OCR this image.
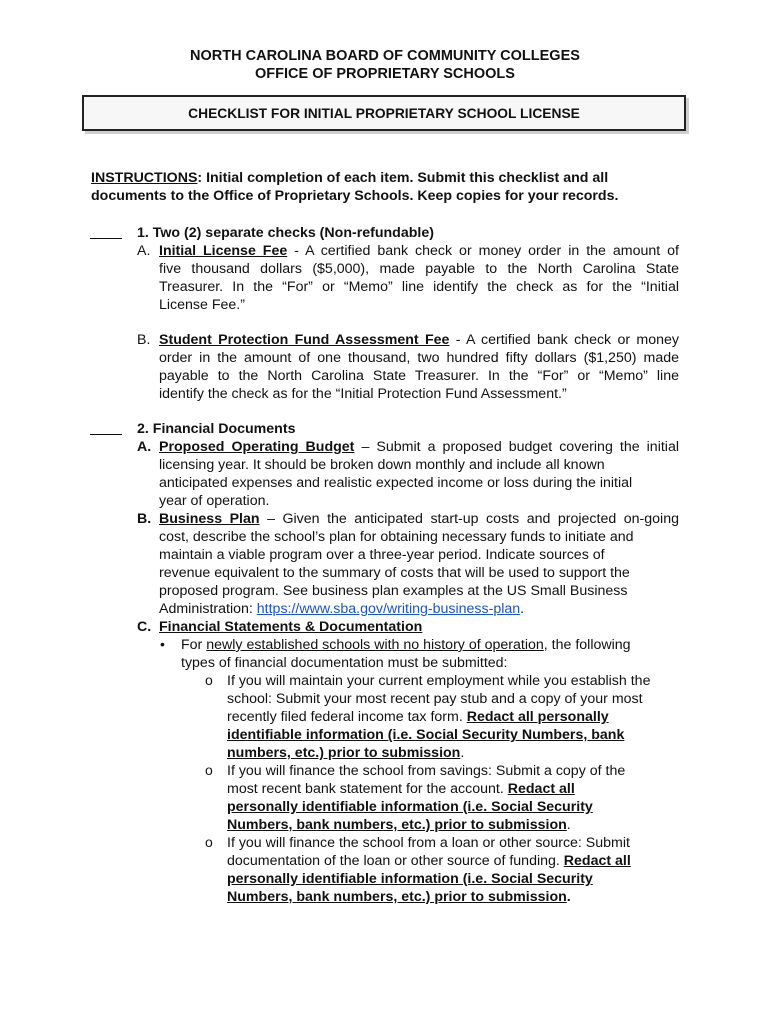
NORTH CAROLINA BOARD OF COMMUNITY COLLEGES
OFFICE OF PROPRIETARY SCHOOLS
CHECKLIST FOR INITIAL PROPRIETARY SCHOOL LICENSE
INSTRUCTIONS: Initial completion of each item. Submit this checklist and all
documents to the Office of Proprietary Schools. Keep copies for your records.
1. Two (2) separate checks (Non-refundable)
A. Initial License Fee - A certified bank check or money order in the amount of
five thousand dollars ($5,000), made payable to the North Carolina State
Treasurer. In the “For” or “Memo” line identify the check as for the “Initial
License Fee.”
B. Student Protection Fund Assessment Fee - A certified bank check or money
order in the amount of one thousand, two hundred fifty dollars ($1,250) made
payable to the North Carolina State Treasurer. In the “For” or “Memo” line
identify the check as for the “Initial Protection Fund Assessment.”
2. Financial Documents
A. Proposed Operating Budget – Submit a proposed budget covering the initial
licensing year. It should be broken down monthly and include all known
anticipated expenses and realistic expected income or loss during the initial
year of operation.
B. Business Plan – Given the anticipated start-up costs and projected on-going
cost, describe the school’s plan for obtaining necessary funds to initiate and
maintain a viable program over a three-year period. Indicate sources of
revenue equivalent to the summary of costs that will be used to support the
proposed program. See business plan examples at the US Small Business
Administration: https://www.sba.gov/writing-business-plan.
C. Financial Statements & Documentation
• For newly established schools with no history of operation, the following
types of financial documentation must be submitted:
o If you will maintain your current employment while you establish the
school: Submit your most recent pay stub and a copy of your most
recently filed federal income tax form. Redact all personally
identifiable information (i.e. Social Security Numbers, bank
numbers, etc.) prior to submission.
o If you will finance the school from savings: Submit a copy of the
most recent bank statement for the account. Redact all
personally identifiable information (i.e. Social Security
Numbers, bank numbers, etc.) prior to submission.
o If you will finance the school from a loan or other source: Submit
documentation of the loan or other source of funding. Redact all
personally identifiable information (i.e. Social Security
Numbers, bank numbers, etc.) prior to submission.
